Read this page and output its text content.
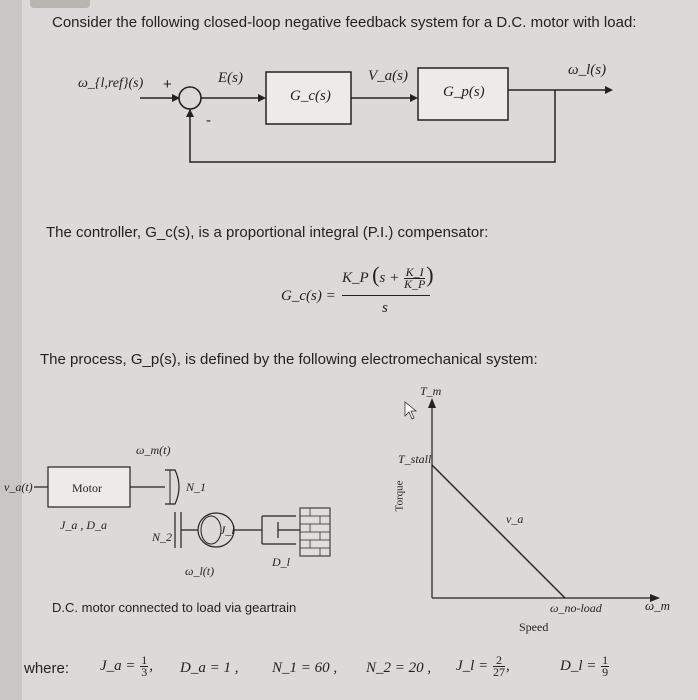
Consider the following closed-loop negative feedback system for a D.C. motor with load:
ω_{l,ref}(s) +
-
E(s)
G_c(s)
V_a(s)
G_p(s)
ω_l(s)
The controller, G_c(s), is a proportional integral (P.I.) compensator:
G_c(s) =
K_P ($s + \frac{K\_I}{K\_P}$ )
s
The process, G_p(s), is defined by the following electromechanical system:
v_a(t)	Motor
ω_m(t)
N_1
J_a , D_a
N_2	J_l
D_l
ω_l(t)
D.C. motor connected to load via geartrain
T_m
T_stall
Torque
v_a
ω_no-load	ω_m
Speed
where: J_a = $\frac{1}{3}$ , D_a = 1 , N_1 = 60 , N_2 = 20 , J_l = $\frac{2}{27}$ ,	D_l = $\frac{1}{9}$
